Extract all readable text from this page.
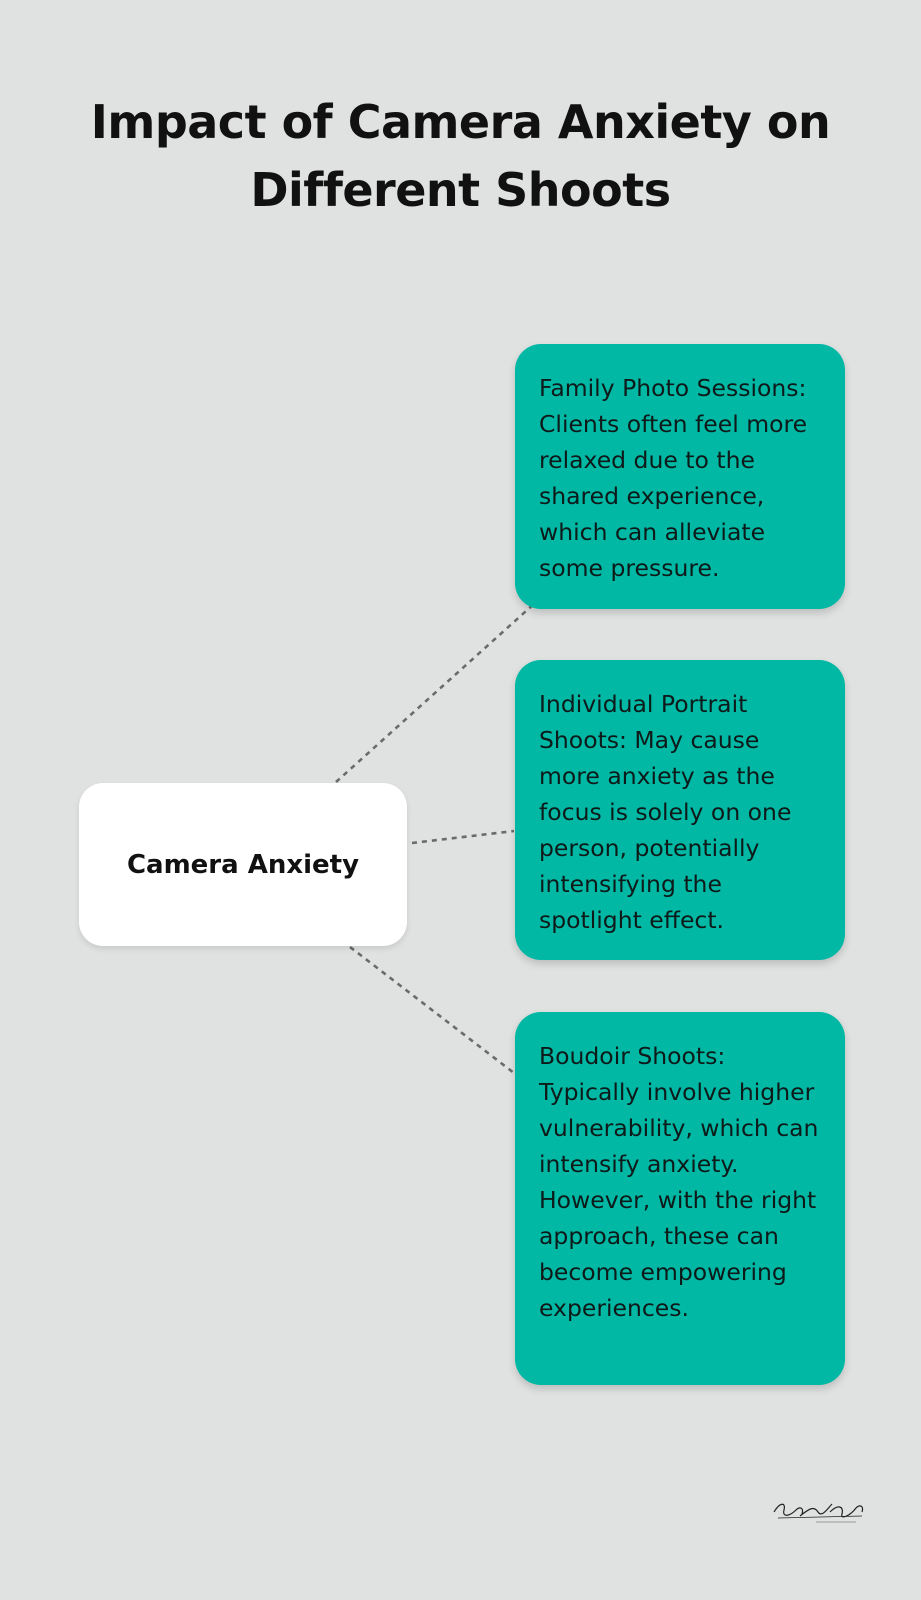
Impact of Camera Anxiety on Different Shoots
Camera Anxiety

Family Photo Sessions: Clients often feel more relaxed due to the shared experience, which can alleviate some pressure.

Individual Portrait Shoots: May cause more anxiety as the focus is solely on one person, potentially intensifying the spotlight effect.

Boudoir Shoots: Typically involve higher vulnerability, which can intensify anxiety. However, with the right approach, these can become empowering experiences.
